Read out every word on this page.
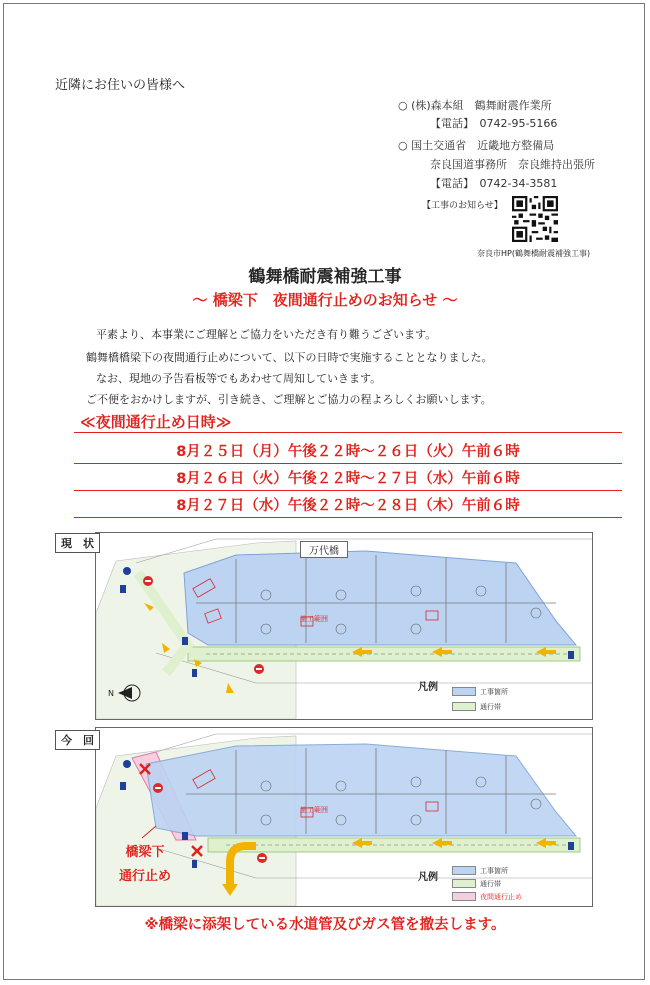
近隣にお住いの皆様へ
○ (株)森本組　鶴舞耐震作業所
【電話】　0742-95-5166
○ 国土交通省　近畿地方整備局
奈良国道事務所　奈良維持出張所
【電話】　0742-34-3581
【工事のお知らせ】
奈良市HP(鶴舞橋耐震補強工事)
鶴舞橋耐震補強工事
～ 橋梁下　夜間通行止めのお知らせ ～
平素より、本事業にご理解とご協力をいただき有り難うございます。
鶴舞橋橋梁下の夜間通行止めについて、以下の日時で実施することとなりました。
なお、現地の予告看板等でもあわせて周知していきます。
ご不便をおかけしますが、引き続き、ご理解とご協力の程よろしくお願いします。
≪夜間通行止め日時≫
8月２５日（月）午後２２時～２６日（火）午前６時
8月２６日（火）午後２２時～２７日（水）午前６時
8月２７日（水）午後２２時～２８日（木）午前６時
施工範囲
N
凡例	工事箇所
通行帯
現　状
万代橋
施工範囲
凡例
工事箇所
通行帯
夜間通行止め
橋梁下
通行止め
今　回
※橋梁に添架している水道管及びガス管を撤去します。
